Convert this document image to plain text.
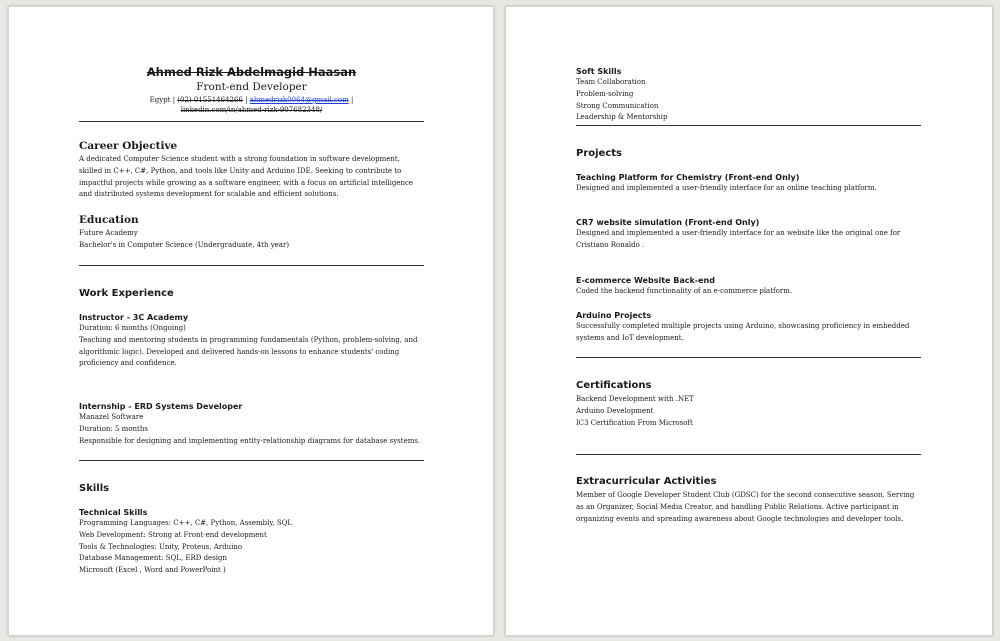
Ahmed Rizk Abdelmagid Haasan

Front-end Developer

Egypt | (02) 01551464266 | ahmedrizk0064@gmail.com |
linkedin.com/in/ahmed-rizk-907682348/

Career Objective

A dedicated Computer Science student with a strong foundation in software development, skilled in C++, C#, Python, and tools like Unity and Arduino IDE. Seeking to contribute to impactful projects while growing as a software engineer, with a focus on artificial intelligence and distributed systems development for scalable and efficient solutions.

Education

Future Academy

Bachelor's in Computer Science (Undergraduate, 4th year)

Work Experience
Instructor - 3C Academy

Duration: 6 months (Ongoing)

Teaching and mentoring students in programming fundamentals (Python, problem-solving, and algorithmic logic). Developed and delivered hands-on lessons to enhance students' coding proficiency and confidence.

Internship - ERD Systems Developer

Manazel Software

Duration: 5 months

Responsible for designing and implementing entity-relationship diagrams for database systems.

Skills
Technical Skills

Programming Languages: C++, C#, Python, Assembly, SQL

Web Development: Strong at Front-end development

Tools & Technologies: Unity, Proteus, Arduino

Database Management: SQL, ERD design

Microsoft (Excel , Word and PowerPoint )

Soft Skills

Team Collaboration

Problem-solving

Strong Communication

Leadership & Mentorship

Projects
Teaching Platform for Chemistry (Front-end Only)

Designed and implemented a user-friendly interface for an online teaching platform.

CR7 website simulation (Front-end Only)

Designed and implemented a user-friendly interface for an website like the original one for Cristiano Ronaldo .

E-commerce Website Back-end

Coded the backend functionality of an e-commerce platform.

Arduino Projects

Successfully completed multiple projects using Arduino, showcasing proficiency in embedded systems and IoT development.

Certifications

Backend Development with .NET

Arduino Development

IC3 Certification From Microsoft

Extracurricular Activities

Member of Google Developer Student Club (GDSC) for the second consecutive season. Serving as an Organizer, Social Media Creator, and handling Public Relations. Active participant in organizing events and spreading awareness about Google technologies and developer tools.
